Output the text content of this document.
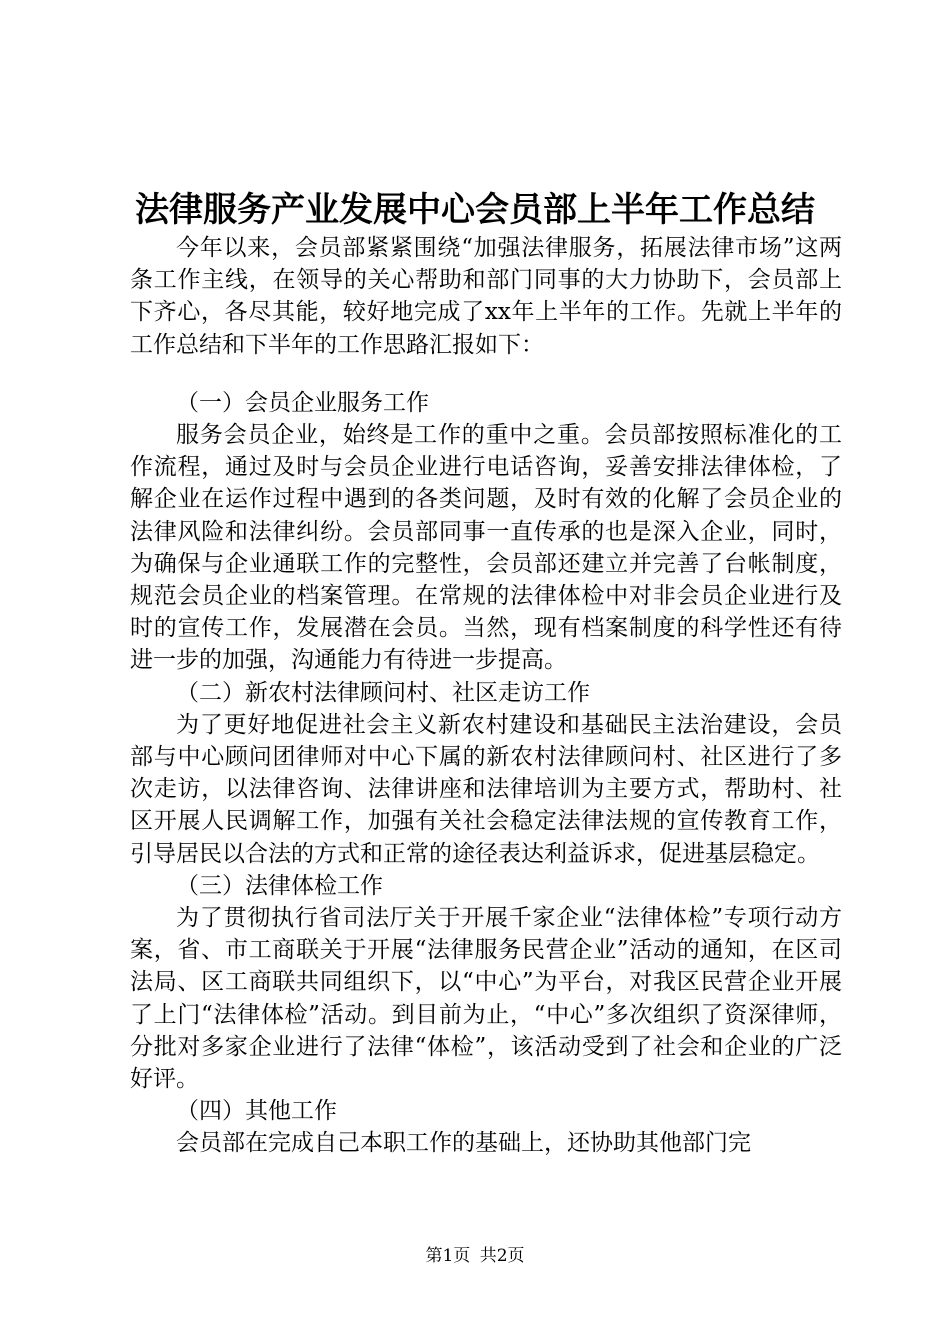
法律服务产业发展中心会员部上半年工作总结

今年以来，会员部紧紧围绕“加强法律服务，拓展法律市场”这两条工作主线，在领导的关心帮助和部门同事的大力协助下，会员部上下齐心，各尽其能，较好地完成了xx年上半年的工作。先就上半年的工作总结和下半年的工作思路汇报如下：

（一）会员企业服务工作

服务会员企业，始终是工作的重中之重。会员部按照标准化的工作流程，通过及时与会员企业进行电话咨询，妥善安排法律体检，了解企业在运作过程中遇到的各类问题，及时有效的化解了会员企业的法律风险和法律纠纷。会员部同事一直传承的也是深入企业，同时，为确保与企业通联工作的完整性，会员部还建立并完善了台帐制度，规范会员企业的档案管理。在常规的法律体检中对非会员企业进行及时的宣传工作，发展潜在会员。当然，现有档案制度的科学性还有待进一步的加强，沟通能力有待进一步提高。

（二）新农村法律顾问村、社区走访工作

为了更好地促进社会主义新农村建设和基础民主法治建设，会员部与中心顾问团律师对中心下属的新农村法律顾问村、社区进行了多次走访，以法律咨询、法律讲座和法律培训为主要方式，帮助村、社区开展人民调解工作，加强有关社会稳定法律法规的宣传教育工作，引导居民以合法的方式和正常的途径表达利益诉求，促进基层稳定。

（三）法律体检工作

为了贯彻执行省司法厅关于开展千家企业“法律体检”专项行动方案，省、市工商联关于开展“法律服务民营企业”活动的通知，在区司法局、区工商联共同组织下，以“中心”为平台，对我区民营企业开展了上门“法律体检”活动。到目前为止，“中心”多次组织了资深律师，分批对多家企业进行了法律“体检”，该活动受到了社会和企业的广泛好评。

（四）其他工作

会员部在完成自己本职工作的基础上，还协助其他部门完

第1页 共2页
